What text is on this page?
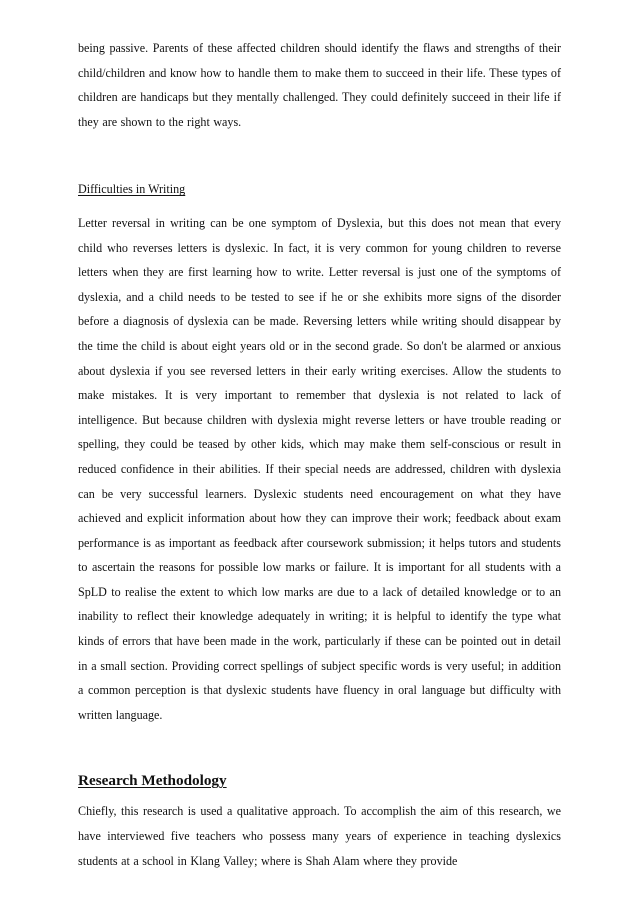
being passive. Parents of these affected children should identify the flaws and strengths of their child/children and know how to handle them to make them to succeed in their life. These types of children are handicaps but they mentally challenged. They could definitely succeed in their life if they are shown to the right ways.

Difficulties in Writing

Letter reversal in writing can be one symptom of Dyslexia, but this does not mean that every child who reverses letters is dyslexic. In fact, it is very common for young children to reverse letters when they are first learning how to write. Letter reversal is just one of the symptoms of dyslexia, and a child needs to be tested to see if he or she exhibits more signs of the disorder before a diagnosis of dyslexia can be made. Reversing letters while writing should disappear by the time the child is about eight years old or in the second grade. So don't be alarmed or anxious about dyslexia if you see reversed letters in their early writing exercises. Allow the students to make mistakes. It is very important to remember that dyslexia is not related to lack of intelligence. But because children with dyslexia might reverse letters or have trouble reading or spelling, they could be teased by other kids, which may make them self-conscious or result in reduced confidence in their abilities. If their special needs are addressed, children with dyslexia can be very successful learners. Dyslexic students need encouragement on what they have achieved and explicit information about how they can improve their work; feedback about exam performance is as important as feedback after coursework submission; it helps tutors and students to ascertain the reasons for possible low marks or failure. It is important for all students with a SpLD to realise the extent to which low marks are due to a lack of detailed knowledge or to an inability to reflect their knowledge adequately in writing; it is helpful to identify the type what kinds of errors that have been made in the work, particularly if these can be pointed out in detail in a small section. Providing correct spellings of subject specific words is very useful; in addition a common perception is that dyslexic students have fluency in oral language but difficulty with written language.

Research Methodology

Chiefly, this research is used a qualitative approach. To accomplish the aim of this research, we have interviewed five teachers who possess many years of experience in teaching dyslexics students at a school in Klang Valley; where is Shah Alam where they provide
